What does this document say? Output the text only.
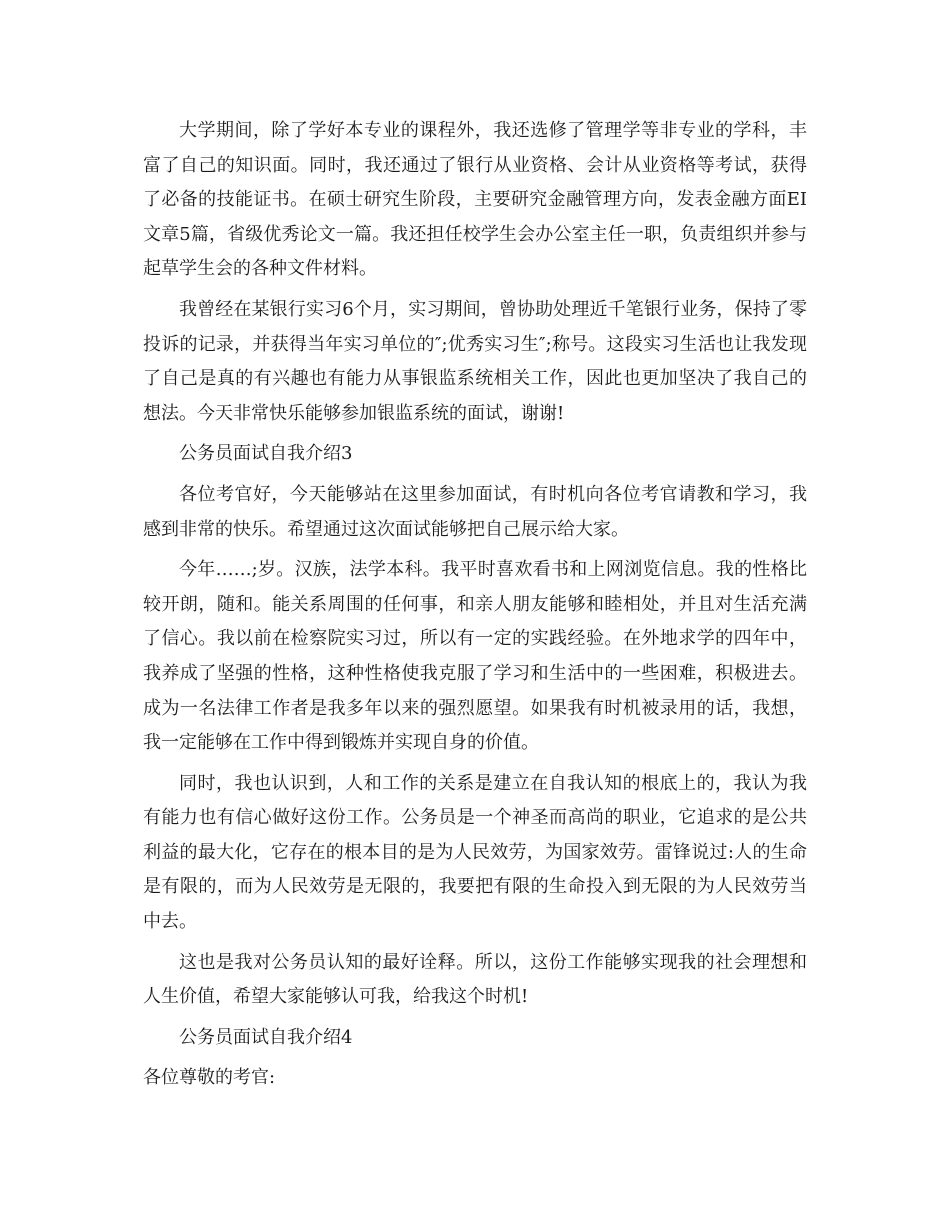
大学期间，除了学好本专业的课程外，我还选修了管理学等非专业的学科，丰富了自己的知识面。同时，我还通过了银行从业资格、会计从业资格等考试，获得了必备的技能证书。在硕士研究生阶段，主要研究金融管理方向，发表金融方面EI文章5篇，省级优秀论文一篇。我还担任校学生会办公室主任一职，负责组织并参与起草学生会的各种文件材料。

我曾经在某银行实习6个月，实习期间，曾协助处理近千笔银行业务，保持了零投诉的记录，并获得当年实习单位的″;优秀实习生″;称号。这段实习生活也让我发现了自己是真的有兴趣也有能力从事银监系统相关工作，因此也更加坚决了我自己的想法。今天非常快乐能够参加银监系统的面试，谢谢!

公务员面试自我介绍3

各位考官好，今天能够站在这里参加面试，有时机向各位考官请教和学习，我感到非常的快乐。希望通过这次面试能够把自己展示给大家。

今年……;岁。汉族，法学本科。我平时喜欢看书和上网浏览信息。我的性格比较开朗，随和。能关系周围的任何事，和亲人朋友能够和睦相处，并且对生活充满了信心。我以前在检察院实习过，所以有一定的实践经验。在外地求学的四年中，我养成了坚强的性格，这种性格使我克服了学习和生活中的一些困难，积极进去。成为一名法律工作者是我多年以来的强烈愿望。如果我有时机被录用的话，我想，我一定能够在工作中得到锻炼并实现自身的价值。

同时，我也认识到，人和工作的关系是建立在自我认知的根底上的，我认为我有能力也有信心做好这份工作。公务员是一个神圣而高尚的职业，它追求的是公共利益的最大化，它存在的根本目的是为人民效劳，为国家效劳。雷锋说过:人的生命是有限的，而为人民效劳是无限的，我要把有限的生命投入到无限的为人民效劳当中去。

这也是我对公务员认知的最好诠释。所以，这份工作能够实现我的社会理想和人生价值，希望大家能够认可我，给我这个时机!

公务员面试自我介绍4

各位尊敬的考官:
